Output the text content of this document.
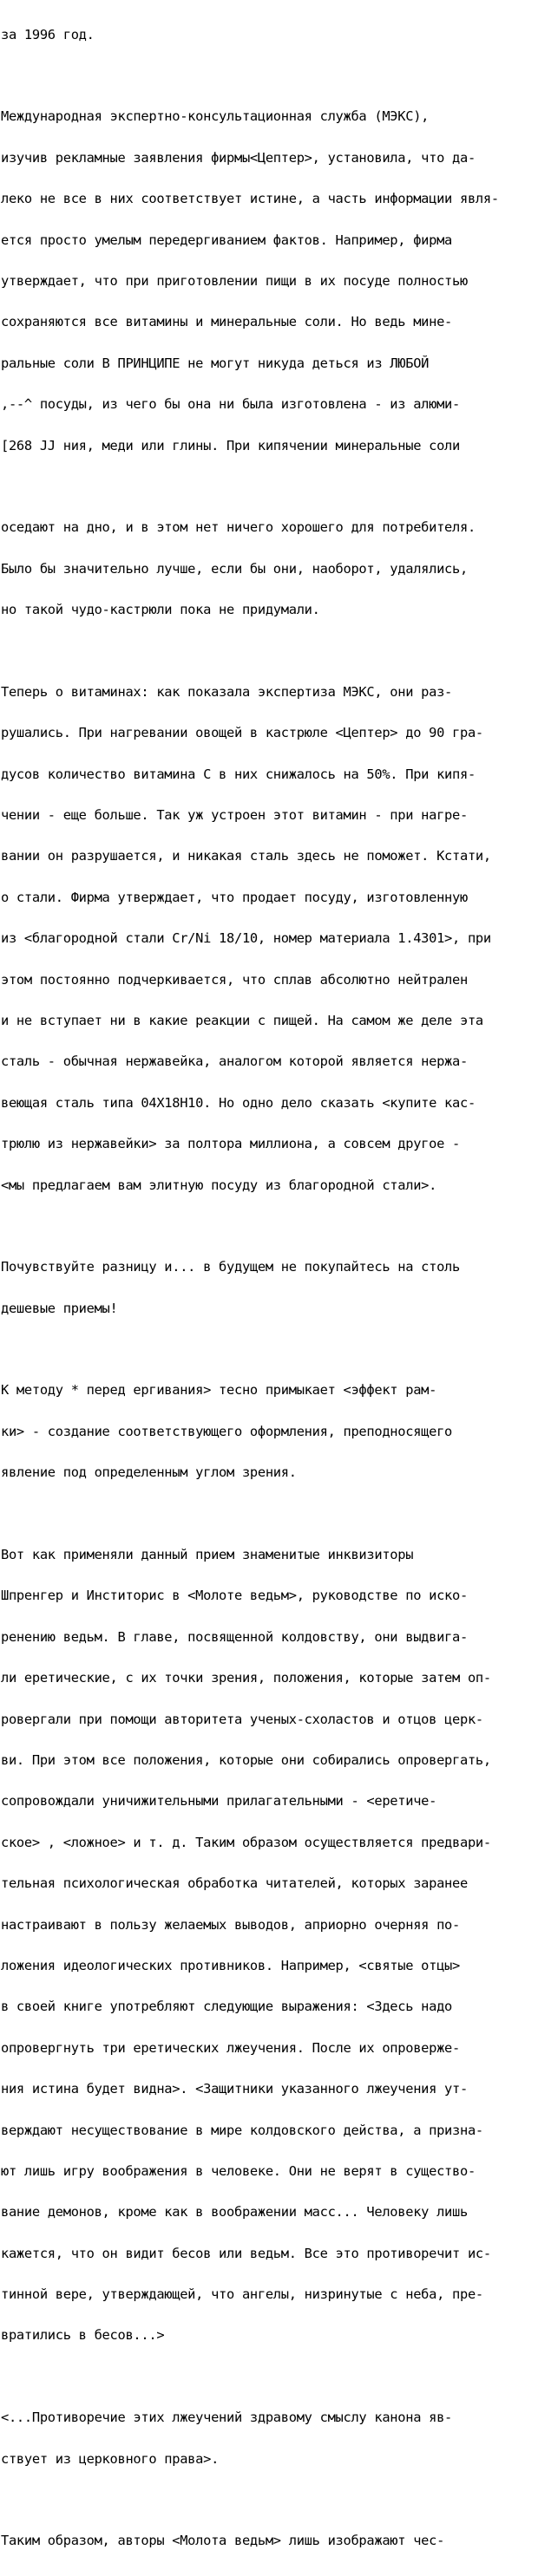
за 1996 год.

Международная экспертно-консультационная служба (МЭКС),

изучив рекламные заявления фирмы<Цептер>, установила, что да-

леко не все в них соответствует истине, а часть информации явля-

ется просто умелым передергиванием фактов. Например, фирма

утверждает, что при приготовлении пищи в их посуде полностью

сохраняются все витамины и минеральные соли. Но ведь мине-

ральные соли В ПРИНЦИПЕ не могут никуда деться из ЛЮБОЙ

,--^ посуды, из чего бы она ни была изготовлена - из алюми-

[268 JJ ния, меди или глины. При кипячении минеральные соли

оседают на дно, и в этом нет ничего хорошего для потребителя.

Было бы значительно лучше, если бы они, наоборот, удалялись,

но такой чудо-кастрюли пока не придумали.

Теперь о витаминах: как показала экспертиза МЭКС, они раз-

рушались. При нагревании овощей в кастрюле <Цептер> до 90 гра-

дусов количество витамина С в них снижалось на 50%. При кипя-

чении - еще больше. Так уж устроен этот витамин - при нагре-

вании он разрушается, и никакая сталь здесь не поможет. Кстати,

о стали. Фирма утверждает, что продает посуду, изготовленную

из <благородной стали Cr/Ni 18/10, номер материала 1.4301>, при

этом постоянно подчеркивается, что сплав абсолютно нейтрален

и не вступает ни в какие реакции с пищей. На самом же деле эта

сталь - обычная нержавейка, аналогом которой является нержа-

веющая сталь типа 04Х18Н10. Но одно дело сказать <купите кас-

трюлю из нержавейки> за полтора миллиона, а совсем другое -

<мы предлагаем вам элитную посуду из благородной стали>.

Почувствуйте разницу и... в будущем не покупайтесь на столь

дешевые приемы!

К методу * перед ергивания> тесно примыкает <эффект рам-

ки> - создание соответствующего оформления, преподносящего

явление под определенным углом зрения.

Вот как применяли данный прием знаменитые инквизиторы

Шпренгер и Инститорис в <Молоте ведьм>, руководстве по иско-

ренению ведьм. В главе, посвященной колдовству, они выдвига-

ли еретические, с их точки зрения, положения, которые затем оп-

ровергали при помощи авторитета ученых-схоластов и отцов церк-

ви. При этом все положения, которые они собирались опровергать,

сопровождали уничижительными прилагательными - <еретиче-

ское> , <ложное> и т. д. Таким образом осуществляется предвари-

тельная психологическая обработка читателей, которых заранее

настраивают в пользу желаемых выводов, априорно очерняя по-

ложения идеологических противников. Например, <святые отцы>

в своей книге употребляют следующие выражения: <Здесь надо

опровергнуть три еретических лжеучения. После их опроверже-

ния истина будет видна>. <Защитники указанного лжеучения ут-

верждают несуществование в мире колдовского действа, а призна-

ют лишь игру воображения в человеке. Они не верят в существо-

вание демонов, кроме как в воображении масс... Человеку лишь

кажется, что он видит бесов или ведьм. Все это противоречит ис-

тинной вере, утверждающей, что ангелы, низринутые с неба, пре-

вратились в бесов...>

<...Противоречие этих лжеучений здравому смыслу канона яв-

ствует из церковного права>.

Таким образом, авторы <Молота ведьм> лишь изображают чес-
